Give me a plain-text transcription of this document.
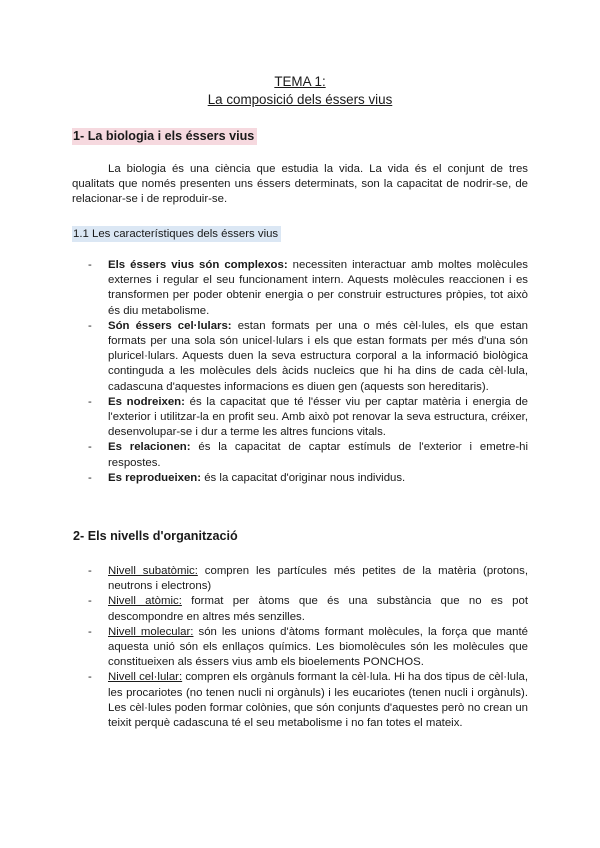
TEMA 1:
La composició dels éssers vius
1- La biologia i els éssers vius

La biologia és una ciència que estudia la vida. La vida és el conjunt de tres qualitats que només presenten uns éssers determinats, son la capacitat de nodrir-se, de relacionar-se i de reproduir-se.

1.1 Les característiques dels éssers vius
- Els éssers vius són complexos: necessiten interactuar amb moltes molècules externes i regular el seu funcionament intern. Aquests molècules reaccionen i es transformen per poder obtenir energia o per construir estructures pròpies, tot això és diu metabolisme.
- Són éssers cel·lulars: estan formats per una o més cèl·lules, els que estan formats per una sola són unicel·lulars i els que estan formats per més d'una són pluricel·lulars. Aquests duen la seva estructura corporal a la informació biològica continguda a les molècules dels àcids nucleics que hi ha dins de cada cèl·lula, cadascuna d'aquestes informacions es diuen gen (aquests son hereditaris).
- Es nodreixen: és la capacitat que té l'ésser viu per captar matèria i energia de l'exterior i utilitzar-la en profit seu. Amb això pot renovar la seva estructura, créixer, desenvolupar-se i dur a terme les altres funcions vitals.
- Es relacionen: és la capacitat de captar estímuls de l'exterior i emetre-hi respostes.
- Es reprodueixen: és la capacitat d'originar nous individus.
2- Els nivells d'organització
- Nivell subatòmic: compren les partícules més petites de la matèria (protons, neutrons i electrons)
- Nivell atòmic: format per àtoms que és una substància que no es pot descompondre en altres més senzilles.
- Nivell molecular: són les unions d'àtoms formant molècules, la força que manté aquesta unió són els enllaços químics. Les biomolècules són les molècules que constitueixen als éssers vius amb els bioelements PONCHOS.
- Nivell cel·lular: compren els orgànuls formant la cèl·lula. Hi ha dos tipus de cèl·lula, les procariotes (no tenen nucli ni orgànuls) i les eucariotes (tenen nucli i orgànuls). Les cèl·lules poden formar colònies, que són conjunts d'aquestes però no crean un teixit perquè cadascuna té el seu metabolisme i no fan totes el mateix.
